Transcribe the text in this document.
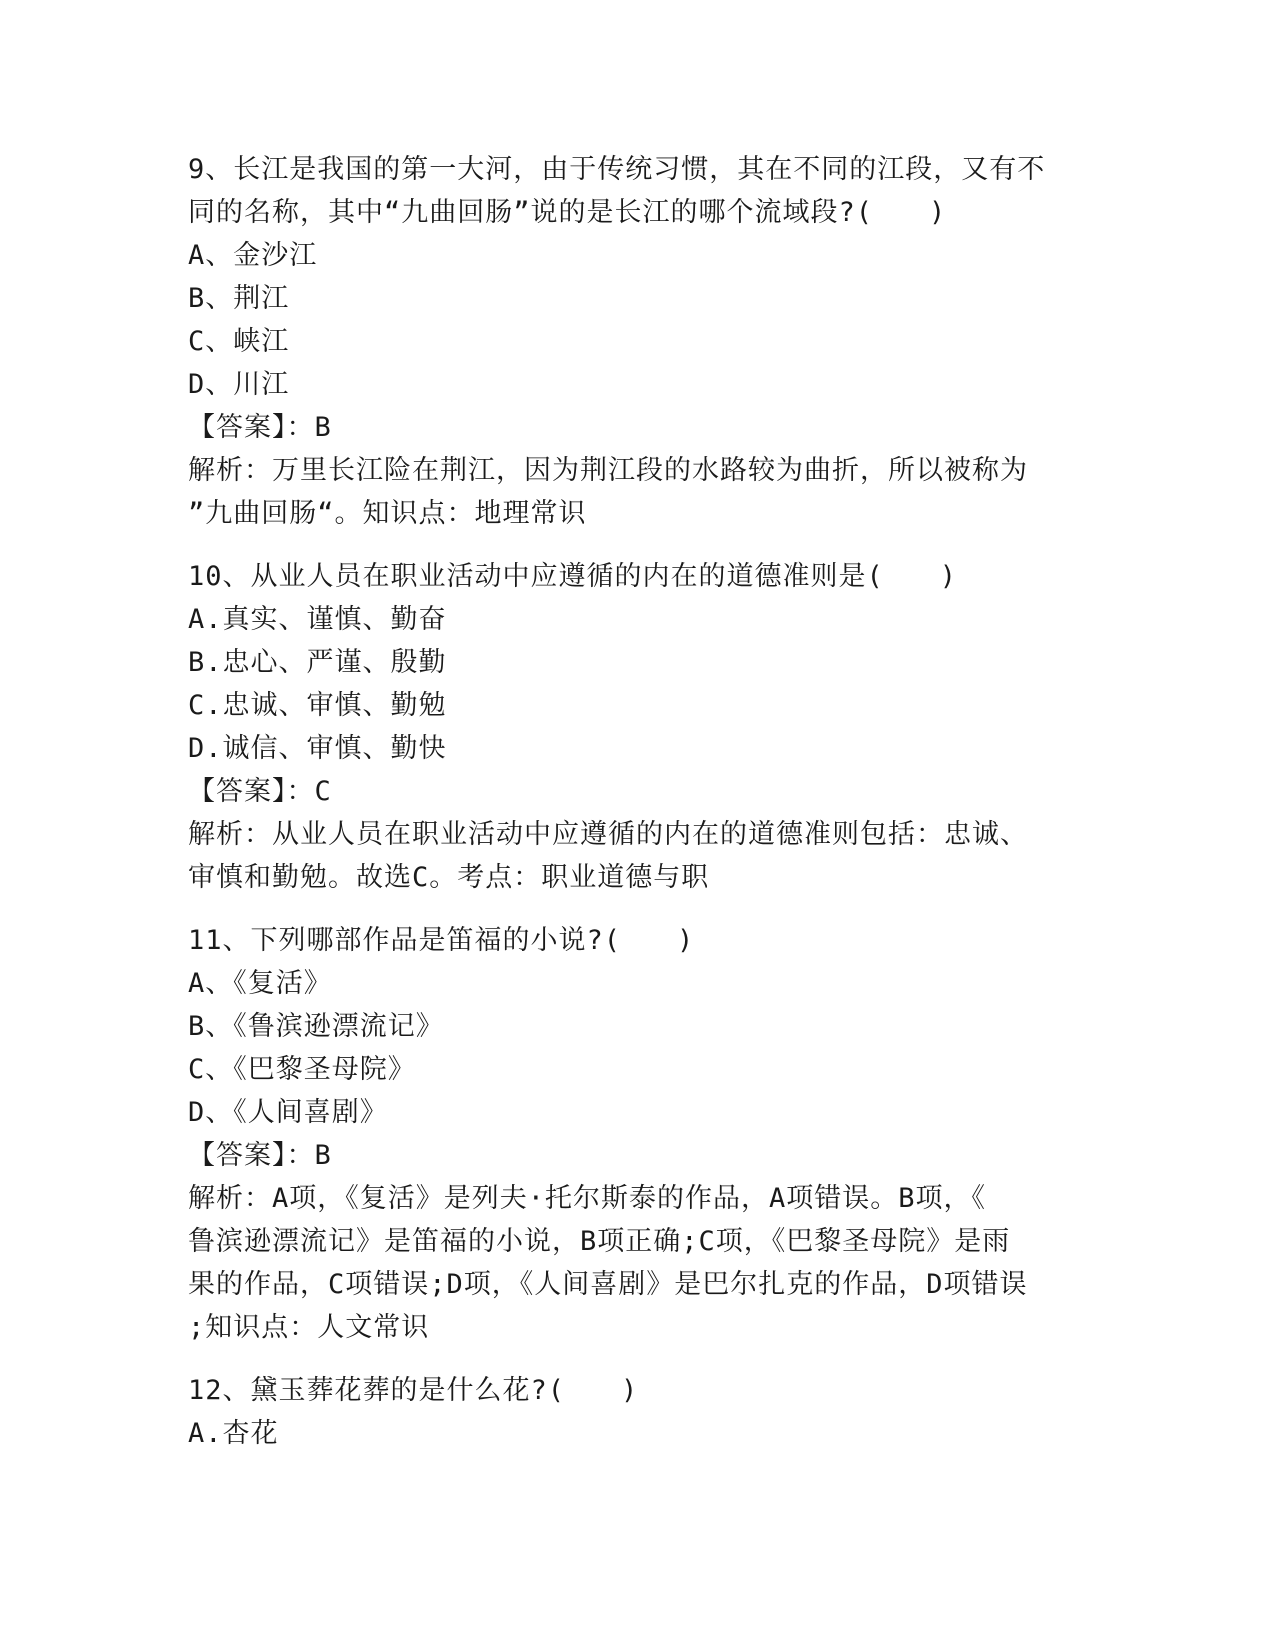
9、长江是我国的第一大河，由于传统习惯，其在不同的江段，又有不
同的名称，其中“九曲回肠”说的是长江的哪个流域段?(　　)
A、金沙江
B、荆江
C、峡江
D、川江
【答案】：B
解析：万里长江险在荆江，因为荆江段的水路较为曲折，所以被称为
”九曲回肠“。知识点：地理常识
10、从业人员在职业活动中应遵循的内在的道德准则是(　　)
A.真实、谨慎、勤奋
B.忠心、严谨、殷勤
C.忠诚、审慎、勤勉
D.诚信、审慎、勤快
【答案】：C
解析：从业人员在职业活动中应遵循的内在的道德准则包括：忠诚、
审慎和勤勉。故选C。考点：职业道德与职
11、下列哪部作品是笛福的小说?(　　)
A、《复活》
B、《鲁滨逊漂流记》
C、《巴黎圣母院》
D、《人间喜剧》
【答案】：B
解析：A项，《复活》是列夫·托尔斯泰的作品，A项错误。B项，《
鲁滨逊漂流记》是笛福的小说，B项正确;C项，《巴黎圣母院》是雨
果的作品，C项错误;D项，《人间喜剧》是巴尔扎克的作品，D项错误
;知识点：人文常识
12、黛玉葬花葬的是什么花?(　　)
A.杏花
